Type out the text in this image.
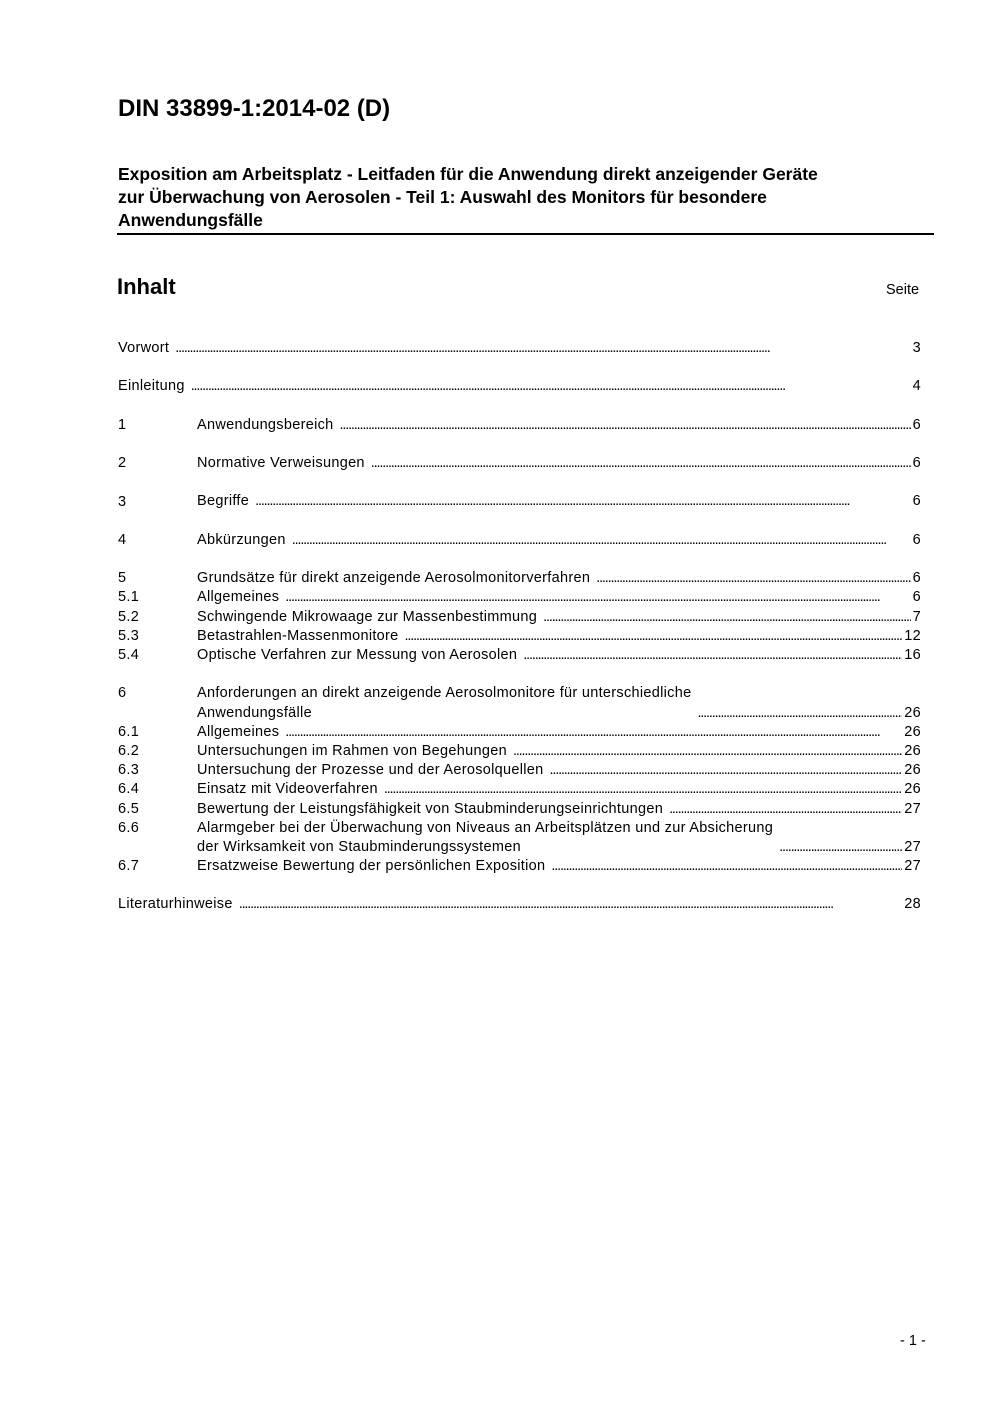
DIN 33899-1:2014-02 (D)
Exposition am Arbeitsplatz - Leitfaden für die Anwendung direkt anzeigender Geräte
zur Überwachung von Aerosolen - Teil 1: Auswahl des Monitors für besondere
Anwendungsfälle
Inhalt	Seite
Vorwort . . .	3
Einleitung . . .	4
1	Anwendungsbereich . . .	6
2	Normative Verweisungen . . .	6
3	Begriffe . . .	6
4	Abkürzungen . . .	6
5	Grundsätze für direkt anzeigende Aerosolmonitorverfahren . . .	6
5.1	Allgemeines . . .	6
5.2	Schwingende Mikrowaage zur Massenbestimmung . . .	7
5.3	Betastrahlen-Massenmonitore . . .	12
5.4	Optische Verfahren zur Messung von Aerosolen . . .	16
6	Anforderungen an direkt anzeigende Aerosolmonitore für unterschiedliche
Anwendungsfälle . . .	26
6.1	Allgemeines . . .	26
6.2	Untersuchungen im Rahmen von Begehungen . . .	26
6.3	Untersuchung der Prozesse und der Aerosolquellen . . .	26
6.4	Einsatz mit Videoverfahren . . .	26
6.5	Bewertung der Leistungsfähigkeit von Staubminderungseinrichtungen . . .	27
6.6	Alarmgeber bei der Überwachung von Niveaus an Arbeitsplätzen und zur Absicherung
der Wirksamkeit von Staubminderungssystemen . . .	27
6.7	Ersatzweise Bewertung der persönlichen Exposition . . .	27
Literaturhinweise . . .	28
- 1 -
